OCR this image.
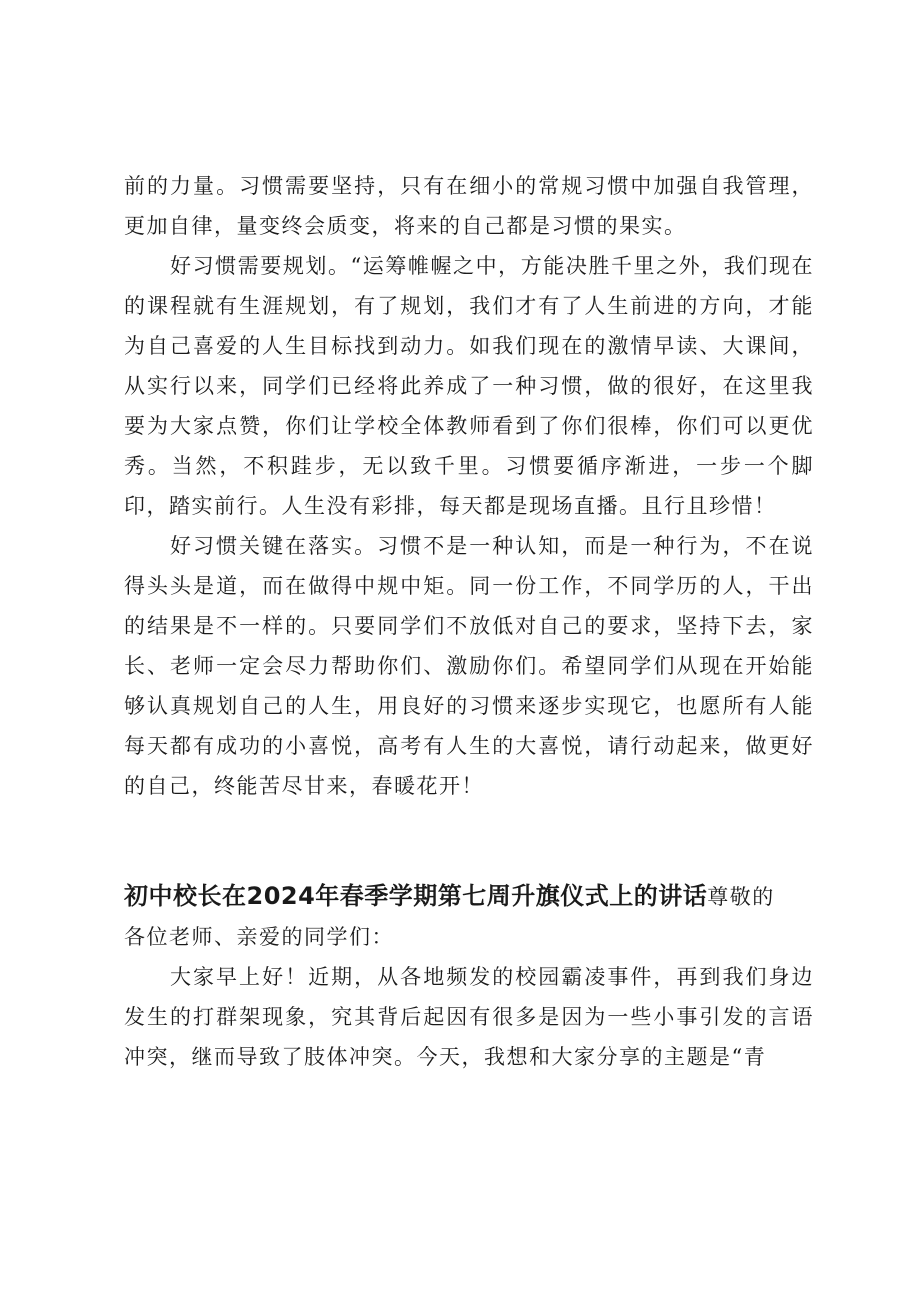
前的力量。习惯需要坚持，只有在细小的常规习惯中加强自我管理，更加自律，量变终会质变，将来的自己都是习惯的果实。

好习惯需要规划。“运筹帷幄之中，方能决胜千里之外，我们现在的课程就有生涯规划，有了规划，我们才有了人生前进的方向，才能为自己喜爱的人生目标找到动力。如我们现在的激情早读、大课间，从实行以来，同学们已经将此养成了一种习惯，做的很好，在这里我要为大家点赞，你们让学校全体教师看到了你们很棒，你们可以更优秀。当然，不积跬步，无以致千里。习惯要循序渐进，一步一个脚印，踏实前行。人生没有彩排，每天都是现场直播。且行且珍惜！

好习惯关键在落实。习惯不是一种认知，而是一种行为，不在说得头头是道，而在做得中规中矩。同一份工作，不同学历的人，干出的结果是不一样的。只要同学们不放低对自己的要求，坚持下去，家长、老师一定会尽力帮助你们、激励你们。希望同学们从现在开始能够认真规划自己的人生，用良好的习惯来逐步实现它，也愿所有人能每天都有成功的小喜悦，高考有人生的大喜悦，请行动起来，做更好的自己，终能苦尽甘来，春暖花开！

初中校长在2024年春季学期第七周升旗仪式上的讲话尊敬的

各位老师、亲爱的同学们：

大家早上好！近期，从各地频发的校园霸凌事件，再到我们身边发生的打群架现象，究其背后起因有很多是因为一些小事引发的言语冲突，继而导致了肢体冲突。今天，我想和大家分享的主题是“青
